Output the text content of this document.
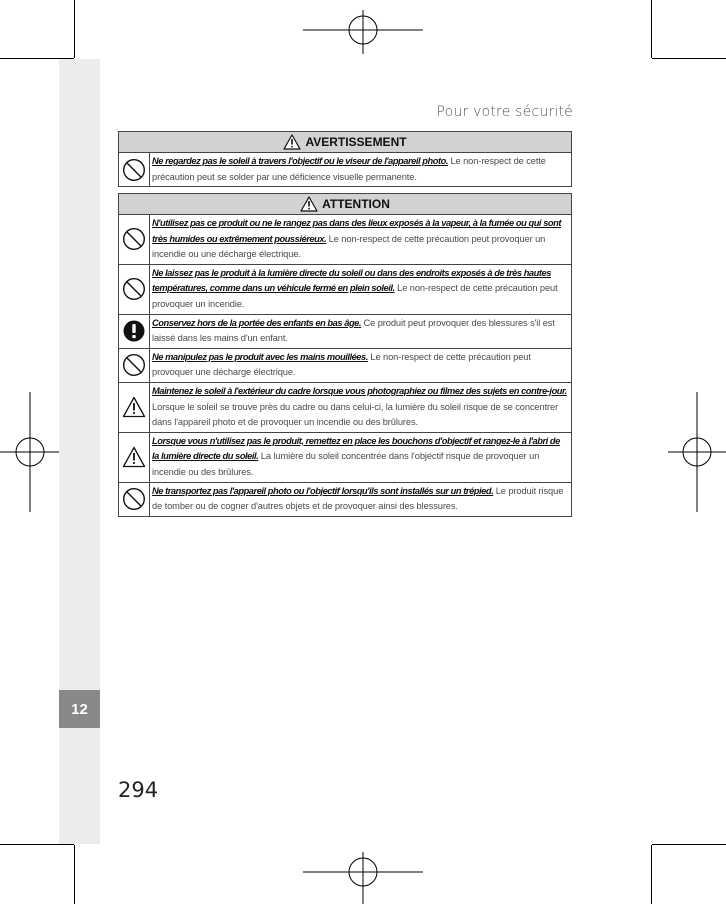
12
Pour votre sécurité
AVERTISSEMENT
Ne regardez pas le soleil à travers l'objectif ou le viseur de l'appareil photo. Le non-respect de cette précaution peut se solder par une déficience visuelle permanente.
ATTENTION
N'utilisez pas ce produit ou ne le rangez pas dans des lieux exposés à la vapeur, à la fumée ou qui sont très humides ou extrêmement poussiéreux. Le non-respect de cette précaution peut provoquer un incendie ou une décharge électrique.
Ne laissez pas le produit à la lumière directe du soleil ou dans des endroits exposés à de très hautes températures, comme dans un véhicule fermé en plein soleil. Le non-respect de cette précaution peut provoquer un incendie.
Conservez hors de la portée des enfants en bas âge. Ce produit peut provoquer des blessures s'il est laissé dans les mains d'un enfant.
Ne manipulez pas le produit avec les mains mouillées. Le non-respect de cette précaution peut provoquer une décharge électrique.
Maintenez le soleil à l'extérieur du cadre lorsque vous photographiez ou filmez des sujets en contre-jour. Lorsque le soleil se trouve près du cadre ou dans celui-ci, la lumière du soleil risque de se concentrer dans l'appareil photo et de provoquer un incendie ou des brûlures.
Lorsque vous n'utilisez pas le produit, remettez en place les bouchons d'objectif et rangez-le à l'abri de la lumière directe du soleil. La lumière du soleil concentrée dans l'objectif risque de provoquer un incendie ou des brûlures.
Ne transportez pas l'appareil photo ou l'objectif lorsqu'ils sont installés sur un trépied. Le produit risque de tomber ou de cogner d'autres objets et de provoquer ainsi des blessures.
294
